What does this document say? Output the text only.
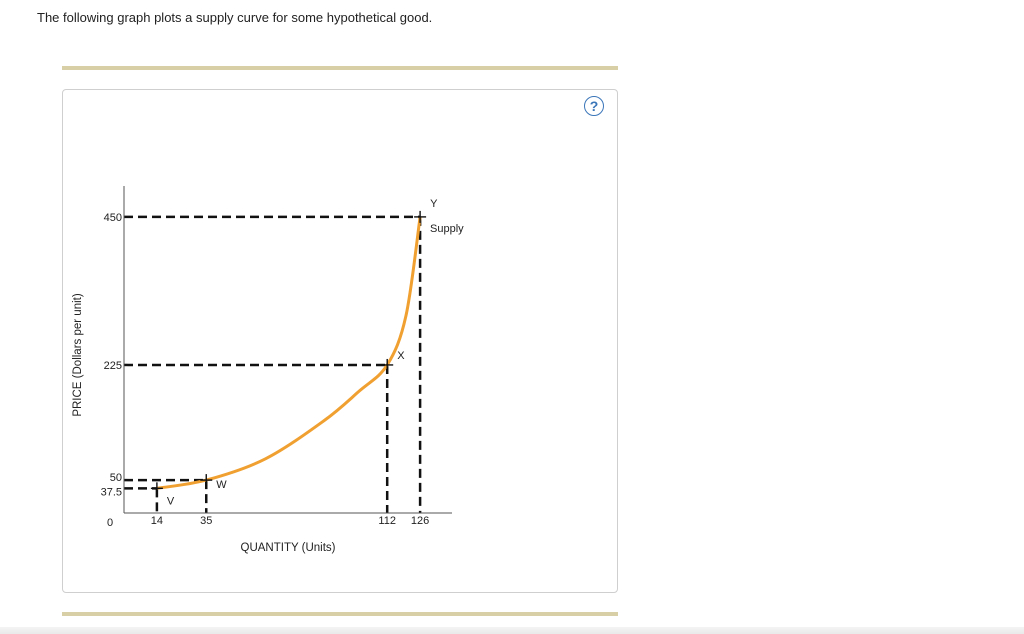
The following graph plots a supply curve for some hypothetical good.
?
V
W
X
Y
37.5
50
225
450
14	35	112 126
0
Supply
QUANTITY (Units)
PRICE (Dollars per unit)
